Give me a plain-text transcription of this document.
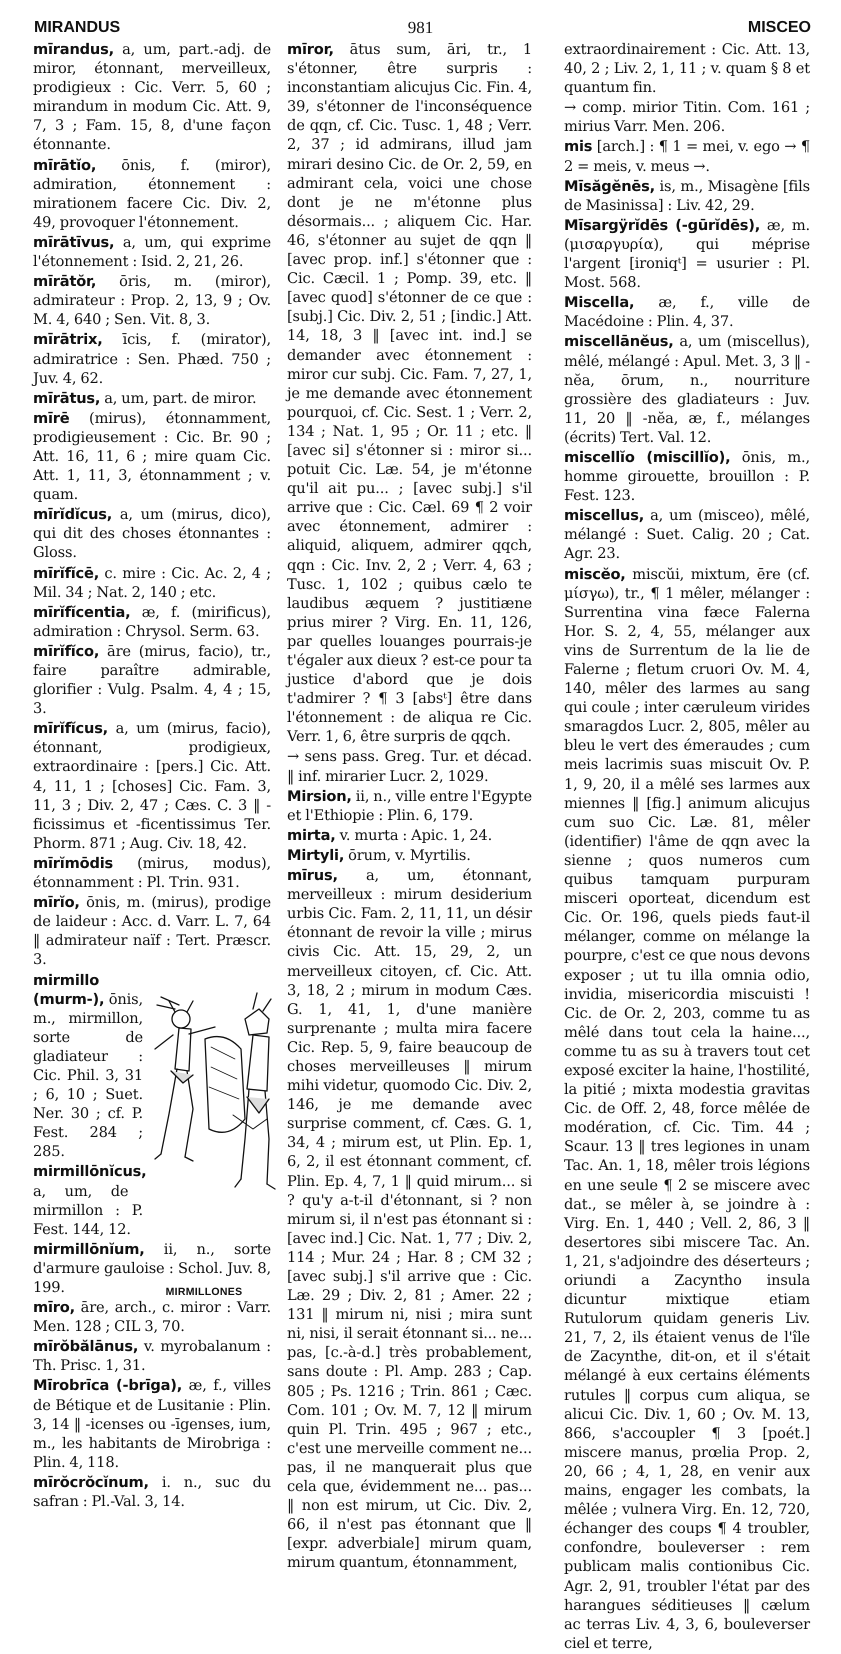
MIRANDUS	981	MISCEO

mīrandus, a, um, part.-adj. de miror, étonnant, merveilleux, prodigieux : Cic. Verr. 5, 60 ; mirandum in modum Cic. Att. 9, 7, 3 ; Fam. 15, 8, d'une façon étonnante.

mīrātĭo, ōnis, f. (miror), admiration, étonnement : mirationem facere Cic. Div. 2, 49, provoquer l'étonnement.

mīrātīvus, a, um, qui exprime l'étonnement : Isid. 2, 21, 26.

mīrātŏr, ōris, m. (miror), admirateur : Prop. 2, 13, 9 ; Ov. M. 4, 640 ; Sen. Vit. 8, 3.

mīrātrix, īcis, f. (mirator), admiratrice : Sen. Phæd. 750 ; Juv. 4, 62.

mīrātus, a, um, part. de miror.

mīrē (mirus), étonnamment, prodigieusement : Cic. Br. 90 ; Att. 16, 11, 6 ; mire quam Cic. Att. 1, 11, 3, étonnamment ; v. quam.

mīrĭdĭcus, a, um (mirus, dico), qui dit des choses étonnantes : Gloss.

mīrĭfĭcē, c. mire : Cic. Ac. 2, 4 ; Mil. 34 ; Nat. 2, 140 ; etc.

mīrĭfĭcentia, æ, f. (mirificus), admiration : Chrysol. Serm. 63.

mīrĭfĭco, āre (mirus, facio), tr., faire paraître admirable, glorifier : Vulg. Psalm. 4, 4 ; 15, 3.

mīrĭfĭcus, a, um (mirus, facio), étonnant, prodigieux, extraordinaire : [pers.] Cic. Att. 4, 11, 1 ; [choses] Cic. Fam. 3, 11, 3 ; Div. 2, 47 ; Cæs. C. 3 ‖ -ficissimus et -ficentissimus Ter. Phorm. 871 ; Aug. Civ. 18, 42.

mīrĭmōdis (mirus, modus), étonnamment : Pl. Trin. 931.

mīrĭo, ōnis, m. (mirus), prodige de laideur : Acc. d. Varr. L. 7, 64 ‖ admirateur naïf : Tert. Præscr. 3.

mirmillo (murm-), ōnis, m., mirmillon, sorte de gladiateur : Cic. Phil. 3, 31 ; 6, 10 ; Suet. Ner. 30 ; cf. P. Fest. 284 ; 285.

mirmillōnĭcus, a, um, de mirmillon : P. Fest. 144, 12.

MIRMILLONES

mirmillōnĭum, ii, n., sorte d'armure gauloise : Schol. Juv. 8, 199.

mīro, āre, arch., c. miror : Varr. Men. 128 ; CIL 3, 70.

mīrŏbălānus, v. myrobalanum : Th. Prisc. 1, 31.

Mīrobrīca (-brīga), æ, f., villes de Bétique et de Lusitanie : Plin. 3, 14 ‖ -icenses ou -īgenses, ium, m., les habitants de Mirobriga : Plin. 4, 118.

mīrŏcrŏcĭnum, i. n., suc du safran : Pl.-Val. 3, 14.

mīror, ātus sum, āri, tr., 1 s'étonner, être surpris : inconstantiam alicujus Cic. Fin. 4, 39, s'étonner de l'inconséquence de qqn, cf. Cic. Tusc. 1, 48 ; Verr. 2, 37 ; id admirans, illud jam mirari desino Cic. de Or. 2, 59, en admirant cela, voici une chose dont je ne m'étonne plus désormais... ; aliquem Cic. Har. 46, s'étonner au sujet de qqn ‖ [avec prop. inf.] s'étonner que : Cic. Cæcil. 1 ; Pomp. 39, etc. ‖ [avec quod] s'étonner de ce que : [subj.] Cic. Div. 2, 51 ; [indic.] Att. 14, 18, 3 ‖ [avec int. ind.] se demander avec étonnement : miror cur subj. Cic. Fam. 7, 27, 1, je me demande avec étonnement pourquoi, cf. Cic. Sest. 1 ; Verr. 2, 134 ; Nat. 1, 95 ; Or. 11 ; etc. ‖ [avec si] s'étonner si : miror si... potuit Cic. Læ. 54, je m'étonne qu'il ait pu... ; [avec subj.] s'il arrive que : Cic. Cæl. 69 ¶ 2 voir avec étonnement, admirer : aliquid, aliquem, admirer qqch, qqn : Cic. Inv. 2, 2 ; Verr. 4, 63 ; Tusc. 1, 102 ; quibus cælo te laudibus æquem ? justitiæne prius mirer ? Virg. En. 11, 126, par quelles louanges pourrais-je t'égaler aux dieux ? est-ce pour ta justice d'abord que je dois t'admirer ? ¶ 3 [absᵗ] être dans l'étonnement : de aliqua re Cic. Verr. 1, 6, être surpris de qqch.

→ sens pass. Greg. Tur. et décad. ‖ inf. mirarier Lucr. 2, 1029.

Mirsion, ii, n., ville entre l'Egypte et l'Ethiopie : Plin. 6, 179.

mirta, v. murta : Apic. 1, 24.

Mirtyli, ōrum, v. Myrtilis.

mīrus, a, um, étonnant, merveilleux : mirum desiderium urbis Cic. Fam. 2, 11, 11, un désir étonnant de revoir la ville ; mirus civis Cic. Att. 15, 29, 2, un merveilleux citoyen, cf. Cic. Att. 3, 18, 2 ; mirum in modum Cæs. G. 1, 41, 1, d'une manière surprenante ; multa mira facere Cic. Rep. 5, 9, faire beaucoup de choses merveilleuses ‖ mirum mihi videtur, quomodo Cic. Div. 2, 146, je me demande avec surprise comment, cf. Cæs. G. 1, 34, 4 ; mirum est, ut Plin. Ep. 1, 6, 2, il est étonnant comment, cf. Plin. Ep. 4, 7, 1 ‖ quid mirum... si ? qu'y a-t-il d'étonnant, si ? non mirum si, il n'est pas étonnant si : [avec ind.] Cic. Nat. 1, 77 ; Div. 2, 114 ; Mur. 24 ; Har. 8 ; CM 32 ; [avec subj.] s'il arrive que : Cic. Læ. 29 ; Div. 2, 81 ; Amer. 22 ; 131 ‖ mirum ni, nisi ; mira sunt ni, nisi, il serait étonnant si... ne... pas, [c.-à-d.] très probablement, sans doute : Pl. Amp. 283 ; Cap. 805 ; Ps. 1216 ; Trin. 861 ; Cæc. Com. 101 ; Ov. M. 7, 12 ‖ mirum quin Pl. Trin. 495 ; 967 ; etc., c'est une merveille comment ne... pas, il ne manquerait plus que cela que, évidemment ne... pas... ‖ non est mirum, ut Cic. Div. 2, 66, il n'est pas étonnant que ‖ [expr. adverbiale] mirum quam, mirum quantum, étonnamment,

extraordinairement : Cic. Att. 13, 40, 2 ; Liv. 2, 1, 11 ; v. quam § 8 et quantum fin.

→ comp. mirior Titin. Com. 161 ; mirius Varr. Men. 206.

mis [arch.] : ¶ 1 = mei, v. ego → ¶ 2 = meis, v. meus →.

Mīsăgĕnēs, is, m., Misagène [fils de Masinissa] : Liv. 42, 29.

Mīsargÿrĭdēs (-gūrĭdēs), æ, m. (μισαργυρία), qui méprise l'argent [ironiqᵗ] = usurier : Pl. Most. 568.

Miscella, æ, f., ville de Macédoine : Plin. 4, 37.

miscellānĕus, a, um (miscellus), mêlé, mélangé : Apul. Met. 3, 3 ‖ -nĕa, ōrum, n., nourriture grossière des gladiateurs : Juv. 11, 20 ‖ -nĕa, æ, f., mélanges (écrits) Tert. Val. 12.

miscellĭo (miscillĭo), ōnis, m., homme girouette, brouillon : P. Fest. 123.

miscellus, a, um (misceo), mêlé, mélangé : Suet. Calig. 20 ; Cat. Agr. 23.

miscĕo, miscŭi, mixtum, ēre (cf. μίσγω), tr., ¶ 1 mêler, mélanger : Surrentina vina fæce Falerna Hor. S. 2, 4, 55, mélanger aux vins de Surrentum de la lie de Falerne ; fletum cruori Ov. M. 4, 140, mêler des larmes au sang qui coule ; inter cæruleum virides smaragdos Lucr. 2, 805, mêler au bleu le vert des émeraudes ; cum meis lacrimis suas miscuit Ov. P. 1, 9, 20, il a mêlé ses larmes aux miennes ‖ [fig.] animum alicujus cum suo Cic. Læ. 81, mêler (identifier) l'âme de qqn avec la sienne ; quos numeros cum quibus tamquam purpuram misceri oporteat, dicendum est Cic. Or. 196, quels pieds faut-il mélanger, comme on mélange la pourpre, c'est ce que nous devons exposer ; ut tu illa omnia odio, invidia, misericordia miscuisti ! Cic. de Or. 2, 203, comme tu as mêlé dans tout cela la haine..., comme tu as su à travers tout cet exposé exciter la haine, l'hostilité, la pitié ; mixta modestia gravitas Cic. de Off. 2, 48, force mêlée de modération, cf. Cic. Tim. 44 ; Scaur. 13 ‖ tres legiones in unam Tac. An. 1, 18, mêler trois légions en une seule ¶ 2 se miscere avec dat., se mêler à, se joindre à : Virg. En. 1, 440 ; Vell. 2, 86, 3 ‖ desertores sibi miscere Tac. An. 1, 21, s'adjoindre des déserteurs ; oriundi a Zacyntho insula dicuntur mixtique etiam Rutulorum quidam generis Liv. 21, 7, 2, ils étaient venus de l'île de Zacynthe, dit-on, et il s'était mélangé à eux certains éléments rutules ‖ corpus cum aliqua, se alicui Cic. Div. 1, 60 ; Ov. M. 13, 866, s'accoupler ¶ 3 [poét.] miscere manus, prœlia Prop. 2, 20, 66 ; 4, 1, 28, en venir aux mains, engager les combats, la mêlée ; vulnera Virg. En. 12, 720, échanger des coups ¶ 4 troubler, confondre, bouleverser : rem publicam malis contionibus Cic. Agr. 2, 91, troubler l'état par des harangues séditieuses ‖ cælum ac terras Liv. 4, 3, 6, bouleverser ciel et terre,
